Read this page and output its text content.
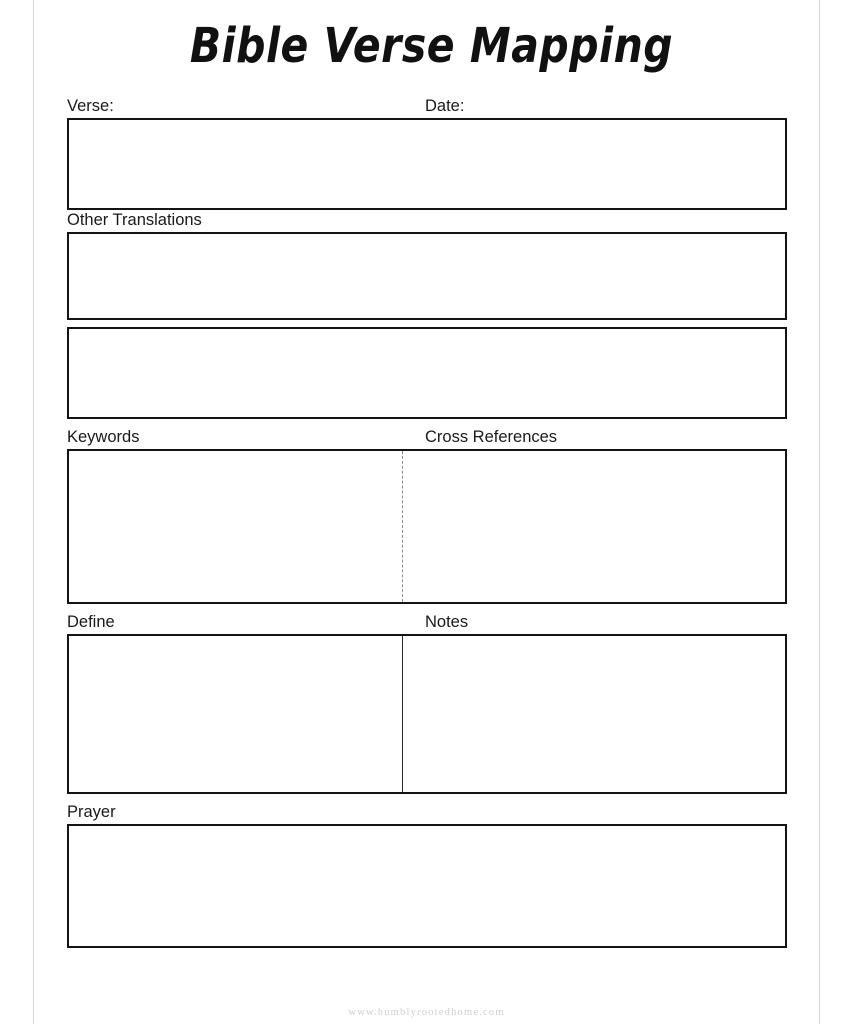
Bible Verse Mapping
Verse:	Date:
Other Translations
Keywords	Cross References
Define	Notes
Prayer
www.humblyrootedhome.com
